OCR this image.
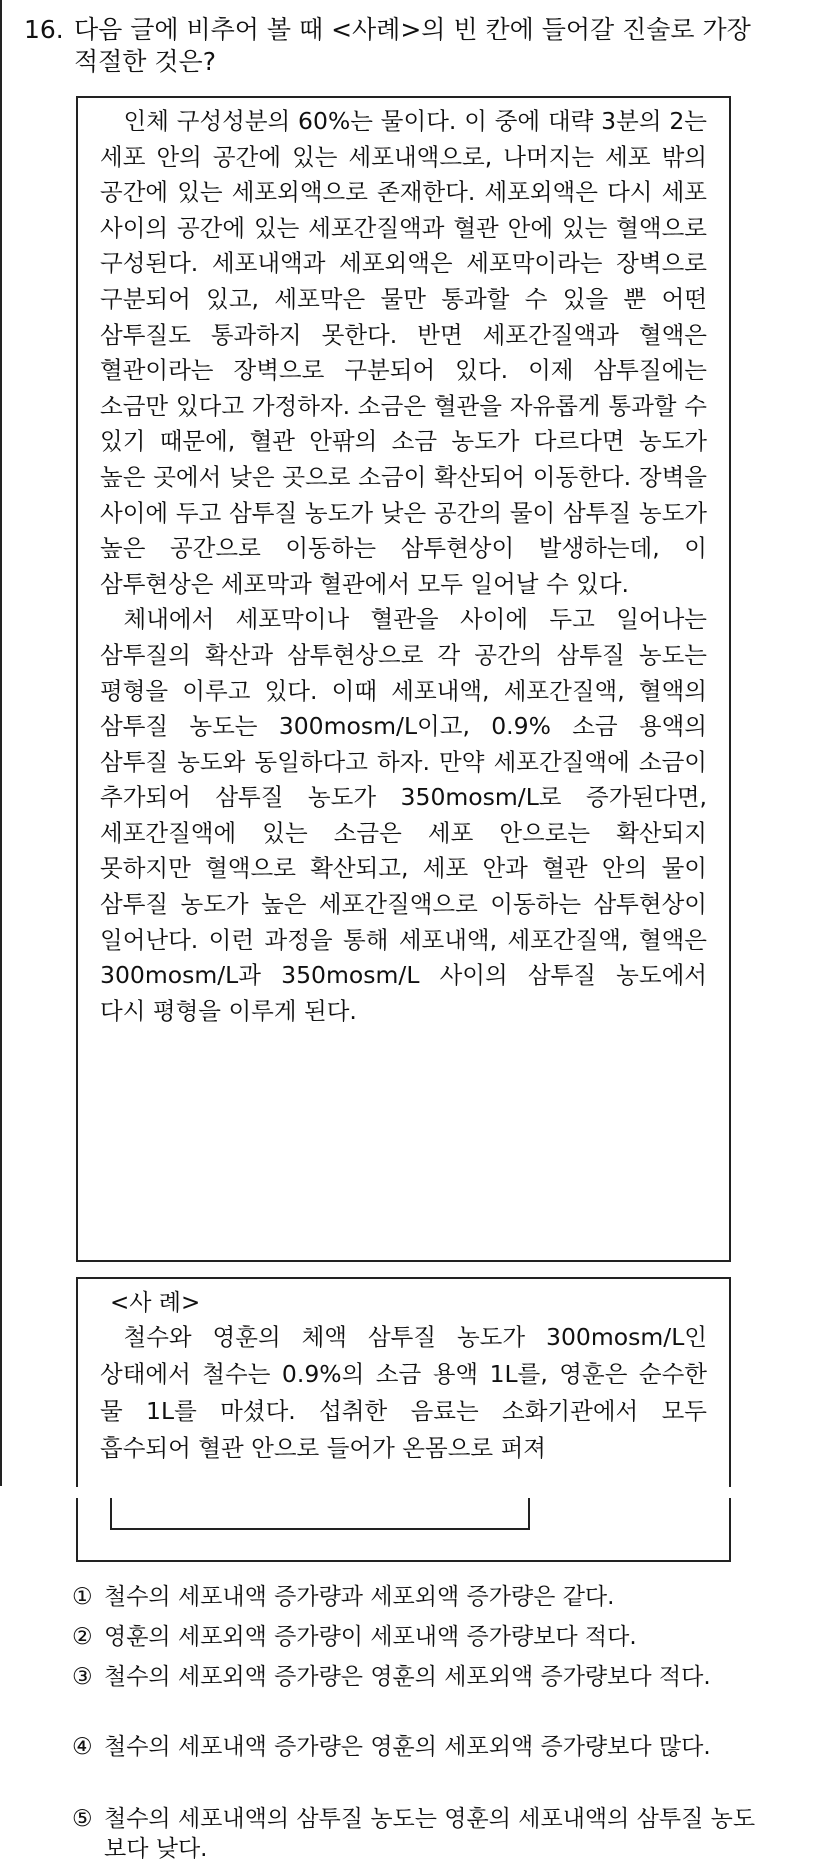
16. 다음 글에 비추어 볼 때 <사례>의 빈 칸에 들어갈 진술로 가장 적절한 것은?

인체 구성성분의 60%는 물이다. 이 중에 대략 3분의 2는 세포 안의 공간에 있는 세포내액으로, 나머지는 세포 밖의 공간에 있는 세포외액으로 존재한다. 세포외액은 다시 세포 사이의 공간에 있는 세포간질액과 혈관 안에 있는 혈액으로 구성된다. 세포내액과 세포외액은 세포막이라는 장벽으로 구분되어 있고, 세포막은 물만 통과할 수 있을 뿐 어떤 삼투질도 통과하지 못한다. 반면 세포간질액과 혈액은 혈관이라는 장벽으로 구분되어 있다. 이제 삼투질에는 소금만 있다고 가정하자. 소금은 혈관을 자유롭게 통과할 수 있기 때문에, 혈관 안팎의 소금 농도가 다르다면 농도가 높은 곳에서 낮은 곳으로 소금이 확산되어 이동한다. 장벽을 사이에 두고 삼투질 농도가 낮은 공간의 물이 삼투질 농도가 높은 공간으로 이동하는 삼투현상이 발생하는데, 이 삼투현상은 세포막과 혈관에서 모두 일어날 수 있다.

체내에서 세포막이나 혈관을 사이에 두고 일어나는 삼투질의 확산과 삼투현상으로 각 공간의 삼투질 농도는 평형을 이루고 있다. 이때 세포내액, 세포간질액, 혈액의 삼투질 농도는 300mosm/L이고, 0.9% 소금 용액의 삼투질 농도와 동일하다고 하자. 만약 세포간질액에 소금이 추가되어 삼투질 농도가 350mosm/L로 증가된다면, 세포간질액에 있는 소금은 세포 안으로는 확산되지 못하지만 혈액으로 확산되고, 세포 안과 혈관 안의 물이 삼투질 농도가 높은 세포간질액으로 이동하는 삼투현상이 일어난다. 이런 과정을 통해 세포내액, 세포간질액, 혈액은 300mosm/L과 350mosm/L 사이의 삼투질 농도에서 다시 평형을 이루게 된다.

<사 례>

철수와 영훈의 체액 삼투질 농도가 300mosm/L인 상태에서 철수는 0.9%의 소금 용액 1L를, 영훈은 순수한 물 1L를 마셨다. 섭취한 음료는 소화기관에서 모두 흡수되어 혈관 안으로 들어가 온몸으로 퍼져

① 철수의 세포내액 증가량과 세포외액 증가량은 같다.
② 영훈의 세포외액 증가량이 세포내액 증가량보다 적다.
③ 철수의 세포외액 증가량은 영훈의 세포외액 증가량보다 적다.
④ 철수의 세포내액 증가량은 영훈의 세포외액 증가량보다 많다.
⑤ 철수의 세포내액의 삼투질 농도는 영훈의 세포내액의 삼투질 농도보다 낮다.
